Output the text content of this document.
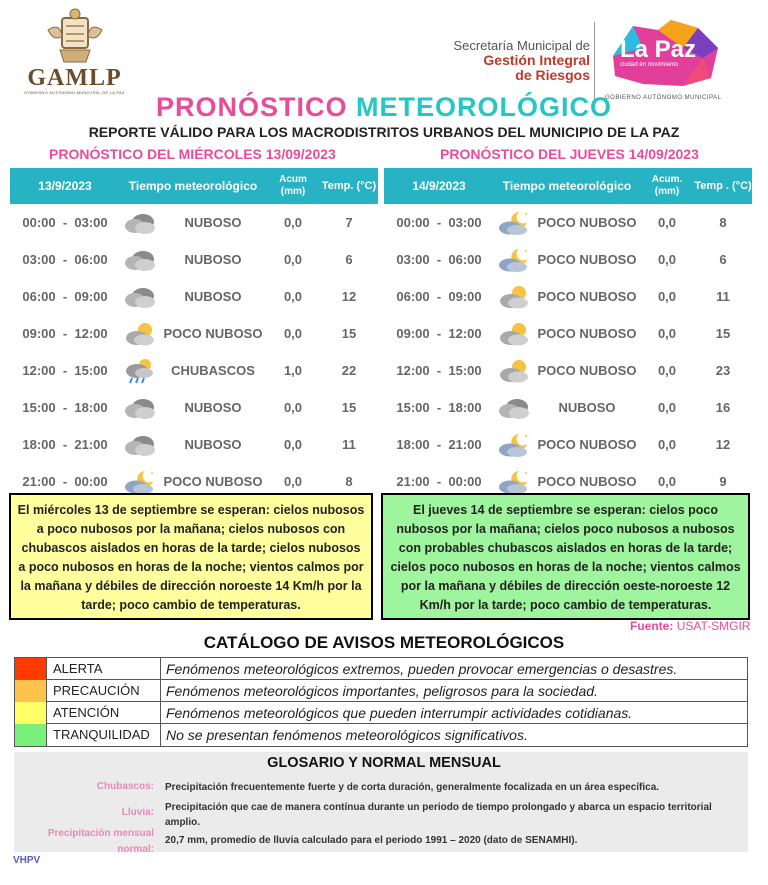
GAMLP
GOBIERNO AUTÓNOMO MUNICIPAL DE LA PAZ
Secretaría Municipal de
Gestión Integral
de Riesgos
La Paz
ciudad en movimiento
GOBIERNO AUTÓNOMO MUNICIPAL
PRONÓSTICO METEOROLÓGICO
REPORTE VÁLIDO PARA LOS MACRODISTRITOS URBANOS DEL MUNICIPIO DE LA PAZ
PRONÓSTICO DEL MIÉRCOLES 13/09/2023
13/9/2023	Tiempo meteorológico	Acum (mm)	Temp. (°C)
00:00  -  03:00	NUBOSO	0,0	7
03:00  -  06:00	NUBOSO	0,0	6
06:00  -  09:00	NUBOSO	0,0	12
09:00  -  12:00	POCO NUBOSO	0,0	15
12:00  -  15:00	CHUBASCOS	1,0	22
15:00  -  18:00	NUBOSO	0,0	15
18:00  -  21:00	NUBOSO	0,0	11
21:00  -  00:00	POCO NUBOSO	0,0	8
PRONÓSTICO DEL JUEVES 14/09/2023
14/9/2023	Tiempo meteorológico	Acum. (mm)	Temp . (°C)
00:00  -  03:00	POCO NUBOSO	0,0	8
03:00  -  06:00	POCO NUBOSO	0,0	6
06:00  -  09:00	POCO NUBOSO	0,0	11
09:00  -  12:00	POCO NUBOSO	0,0	15
12:00  -  15:00	POCO NUBOSO	0,0	23
15:00  -  18:00	NUBOSO	0,0	16
18:00  -  21:00	POCO NUBOSO	0,0	12
21:00  -  00:00	POCO NUBOSO	0,0	9
El miércoles 13 de septiembre se esperan: cielos nubosos a poco nubosos por la mañana; cielos nubosos con chubascos aislados en horas de la tarde; cielos nubosos a poco nubosos en horas de la noche; vientos calmos por la mañana y débiles de dirección noroeste 14 Km/h por la tarde; poco cambio de temperaturas.
El jueves 14 de septiembre se esperan: cielos poco nubosos por la mañana; cielos poco nubosos a nubosos con probables chubascos aislados en horas de la tarde; cielos poco nubosos en horas de la noche; vientos calmos por la mañana y débiles de dirección oeste-noroeste 12 Km/h por la tarde; poco cambio de temperaturas.
Fuente: USAT-SMGIR
CATÁLOGO DE AVISOS METEOROLÓGICOS
ALERTA	Fenómenos meteorológicos extremos, pueden provocar emergencias o desastres.
PRECAUCIÓN	Fenómenos meteorológicos importantes, peligrosos para la sociedad.
ATENCIÓN	Fenómenos meteorológicos que pueden interrumpir actividades cotidianas.
TRANQUILIDAD	No se presentan fenómenos meteorológicos significativos.
GLOSARIO Y NORMAL MENSUAL
Chubascos: Precipitación frecuentemente fuerte y de corta duración, generalmente focalizada en un área específica.
Lluvia: Precipitación que cae de manera contínua durante un periodo de tiempo prolongado y abarca un espacio territorial amplio.
Precipitación mensual normal:
20,7 mm, promedio de lluvia calculado para el periodo 1991 – 2020 (dato de SENAMHI).
VHPV
